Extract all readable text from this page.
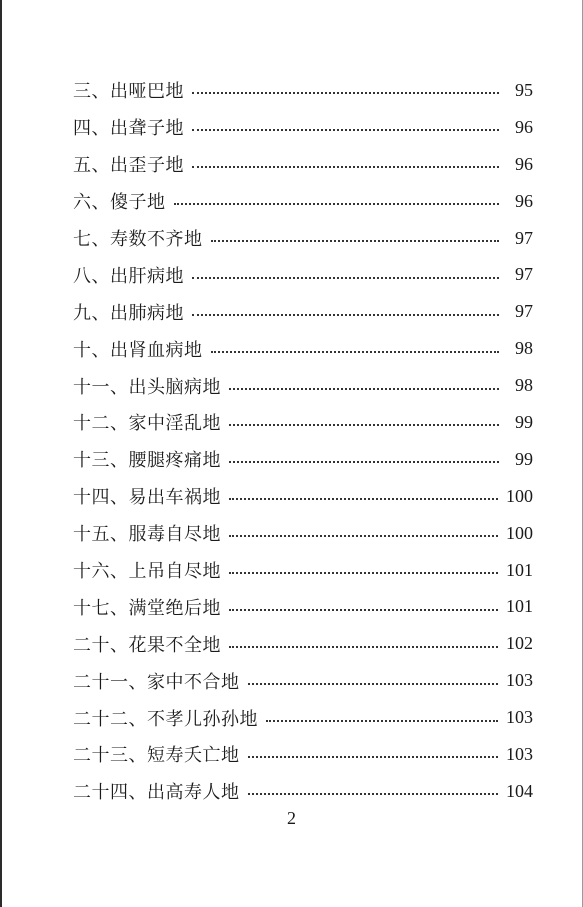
三、出哑巴地	95
四、出聋子地	96
五、出歪子地	96
六、傻子地	96
七、寿数不齐地	97
八、出肝病地	97
九、出肺病地	97
十、出肾血病地	98
十一、出头脑病地	98
十二、家中淫乱地	99
十三、腰腿疼痛地	99
十四、易出车祸地	100
十五、服毒自尽地	100
十六、上吊自尽地	101
十七、满堂绝后地	101
二十、花果不全地	102
二十一、家中不合地	103
二十二、不孝儿孙孙地	103
二十三、短寿夭亡地	103
二十四、出高寿人地	104
2
